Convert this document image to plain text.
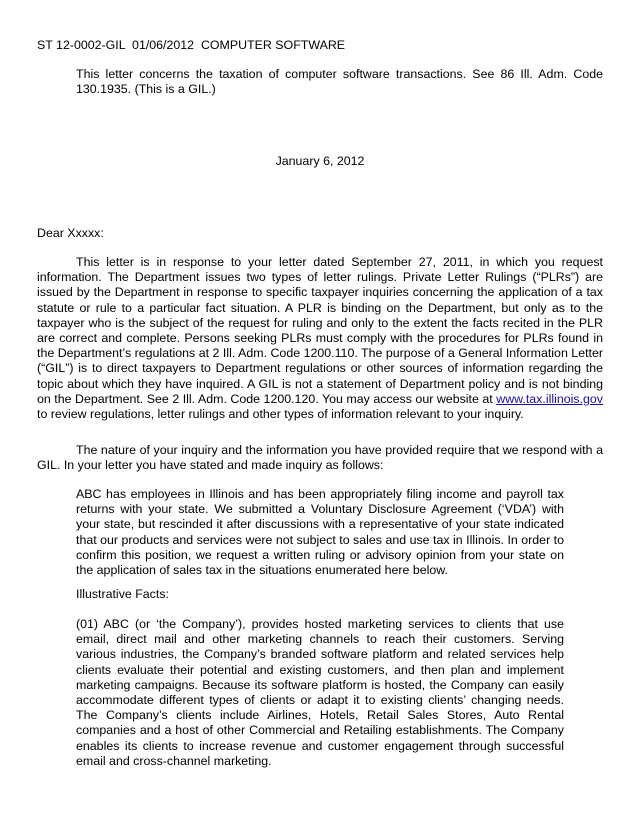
ST 12-0002-GIL  01/06/2012  COMPUTER SOFTWARE
This letter concerns the taxation of computer software transactions. See 86 Ill. Adm. Code 130.1935. (This is a GIL.)
January 6, 2012
Dear Xxxxx:
This letter is in response to your letter dated September 27, 2011, in which you request information. The Department issues two types of letter rulings. Private Letter Rulings (“PLRs”) are issued by the Department in response to specific taxpayer inquiries concerning the application of a tax statute or rule to a particular fact situation. A PLR is binding on the Department, but only as to the taxpayer who is the subject of the request for ruling and only to the extent the facts recited in the PLR are correct and complete. Persons seeking PLRs must comply with the procedures for PLRs found in the Department’s regulations at 2 Ill. Adm. Code 1200.110. The purpose of a General Information Letter (“GIL”) is to direct taxpayers to Department regulations or other sources of information regarding the topic about which they have inquired. A GIL is not a statement of Department policy and is not binding on the Department. See 2 Ill. Adm. Code 1200.120. You may access our website at www.tax.illinois.gov to review regulations, letter rulings and other types of information relevant to your inquiry.
The nature of your inquiry and the information you have provided require that we respond with a GIL. In your letter you have stated and made inquiry as follows:
ABC has employees in Illinois and has been appropriately filing income and payroll tax returns with your state. We submitted a Voluntary Disclosure Agreement (‘VDA’) with your state, but rescinded it after discussions with a representative of your state indicated that our products and services were not subject to sales and use tax in Illinois. In order to confirm this position, we request a written ruling or advisory opinion from your state on the application of sales tax in the situations enumerated here below.
Illustrative Facts:
(01) ABC (or ‘the Company’), provides hosted marketing services to clients that use email, direct mail and other marketing channels to reach their customers. Serving various industries, the Company’s branded software platform and related services help clients evaluate their potential and existing customers, and then plan and implement marketing campaigns. Because its software platform is hosted, the Company can easily accommodate different types of clients or adapt it to existing clients’ changing needs. The Company’s clients include Airlines, Hotels, Retail Sales Stores, Auto Rental companies and a host of other Commercial and Retailing establishments. The Company enables its clients to increase revenue and customer engagement through successful email and cross-channel marketing.
